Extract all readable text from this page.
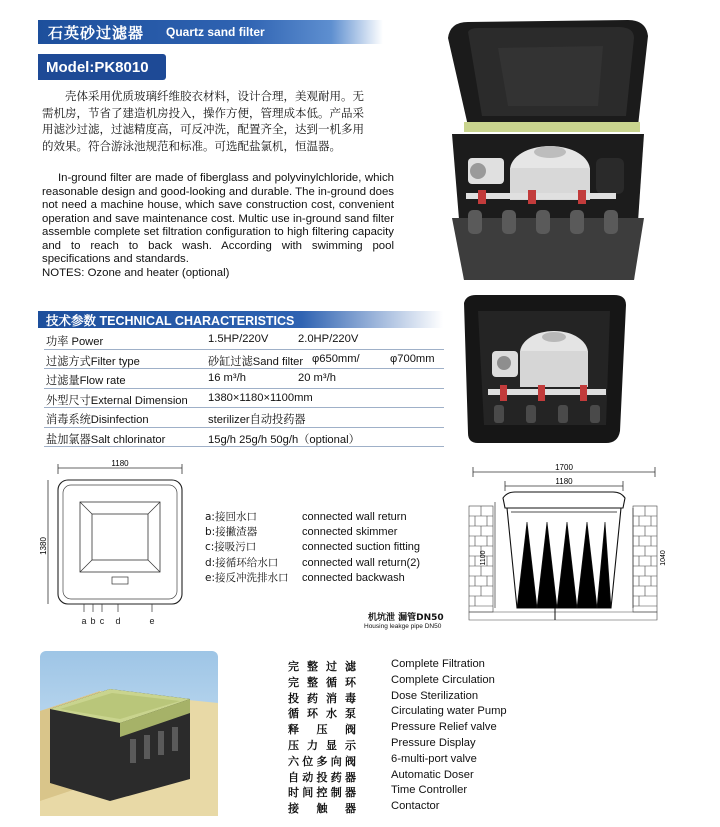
石英砂过滤器 Quartz sand filter
Model:PK8010

壳体采用优质玻璃纤维胶衣材料，设计合理，美观耐用。无需机房，节省了建造机房投入，操作方便，管理成本低。产品采用滤沙过滤，过滤精度高，可反冲洗，配置齐全，达到一机多用的效果。符合游泳池规范和标准。可选配盐氯机，恒温器。

In-ground filter are made of fiberglass and polyvinylchloride, which reasonable design and good-looking and durable. The in-ground does not need a machine house, which save construction cost, convenient operation and save maintenance cost. Multic use in-ground sand filter assemble complete set filtration configuration to high filtering capacity and to reach to back wash. According with swimming pool specifications and standards.
NOTES: Ozone and heater (optional)

技术参数 TECHNICAL CHARACTERISTICS
功率 Power	1.5HP/220V	2.0HP/220V
过滤方式Filter type	砂缸过滤Sand filter φ650mm/	φ700mm
过滤量Flow rate	16 m³/h	20 m³/h
外型尺寸External Dimension 1380×1180×1100mm
消毒系统Disinfection	sterilizer自动投药器
盐加氯器Salt chlorinator	15g/h 25g/h 50g/h（optional）
1180
1380
a b c d	e
a:接回水口	connected wall return
b:接撇渣器	connected skimmer
c:接吸污口	connected suction fitting
d:接循环给水口 connected wall return(2)
e:接反冲洗排水口 connected backwash
1700
1180
1100	1040
机坑泄 漏管DN50
Housing leakge pipe DN50
完整过滤	Complete Filtration
完整循环	Complete Circulation
投药消毒	Dose Sterilization
循环水泵	Circulating water Pump
释压阀	Pressure Relief valve
压力显示	Pressure Display
六位多向阀	6-multi-port valve
自动投药器	Automatic Doser
时间控制器	Time Controller
接触器	Contactor
